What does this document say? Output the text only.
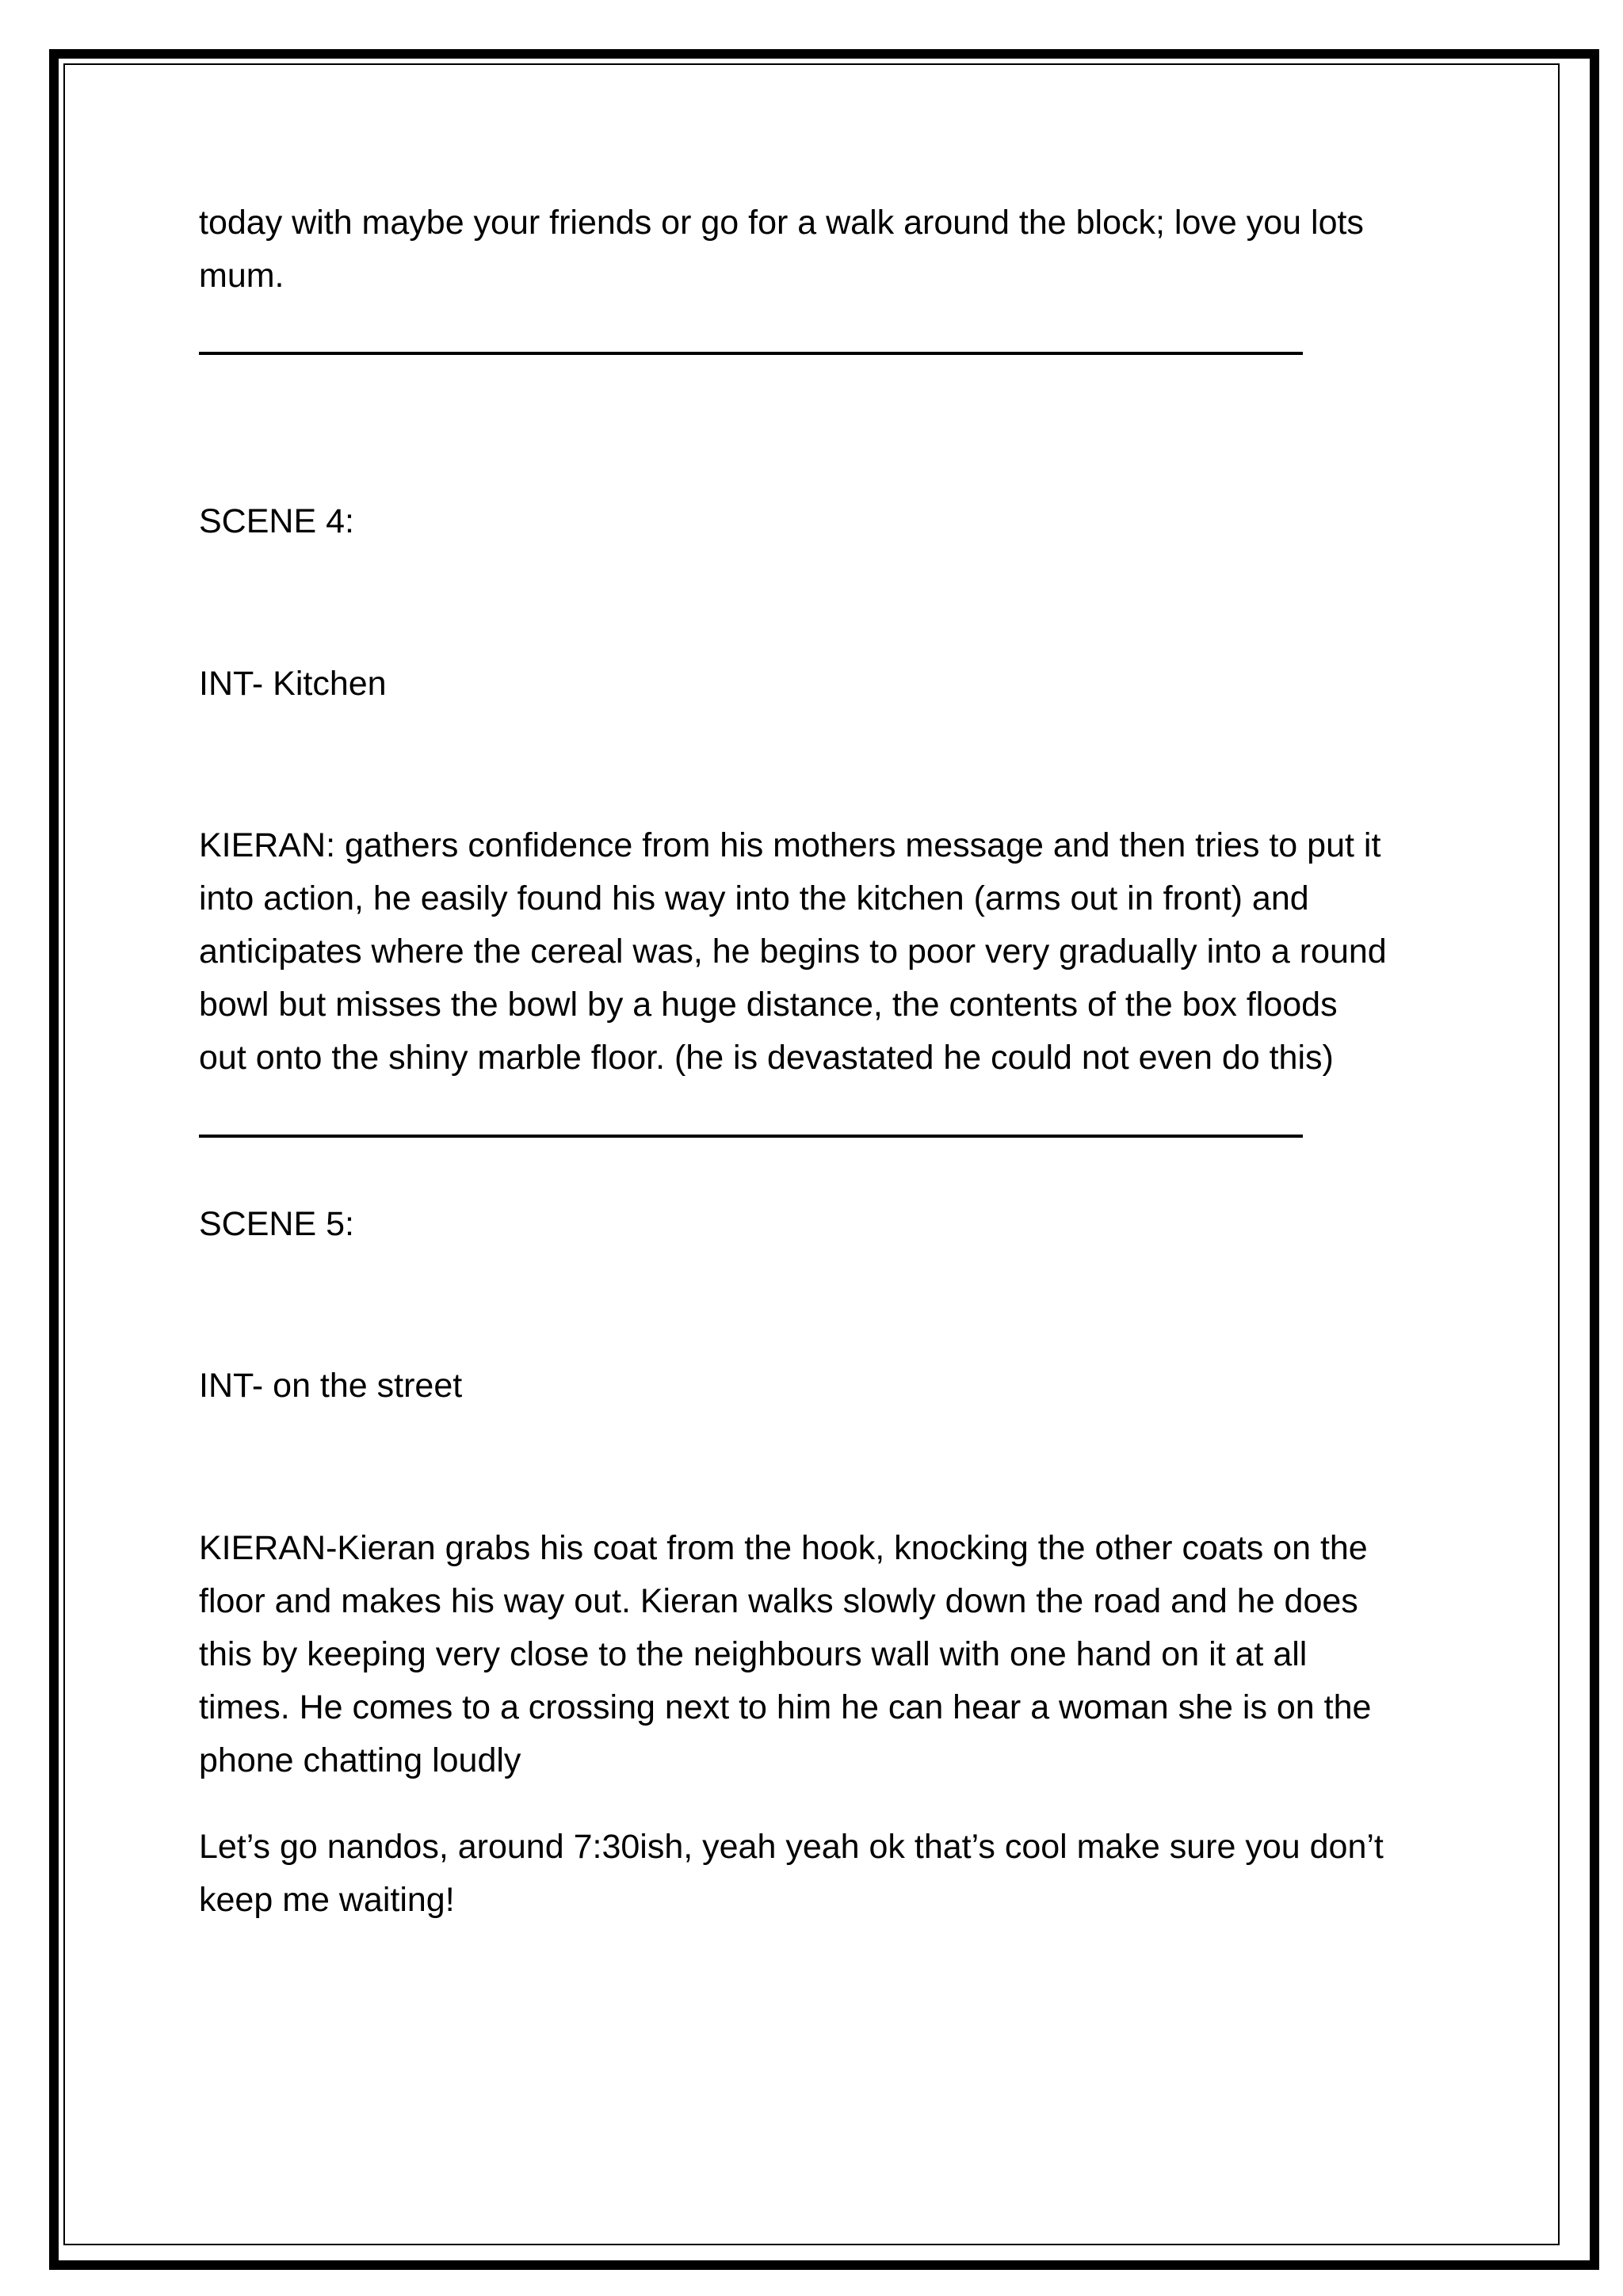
today with maybe your friends or go for a walk around the block; love you lots
mum.

SCENE 4:

INT- Kitchen

KIERAN: gathers confidence from his mothers message and then tries to put it
into action, he easily found his way into the kitchen (arms out in front) and
anticipates where the cereal was, he begins to poor very gradually into a round
bowl but misses the bowl by a huge distance, the contents of the box floods
out onto the shiny marble floor. (he is devastated he could not even do this)

SCENE 5:

INT- on the street

KIERAN-Kieran grabs his coat from the hook, knocking the other coats on the
floor and makes his way out. Kieran walks slowly down the road and he does
this by keeping very close to the neighbours wall with one hand on it at all
times. He comes to a crossing next to him he can hear a woman she is on the
phone chatting loudly

Let’s go nandos, around 7:30ish, yeah yeah ok that’s cool make sure you don’t
keep me waiting!
